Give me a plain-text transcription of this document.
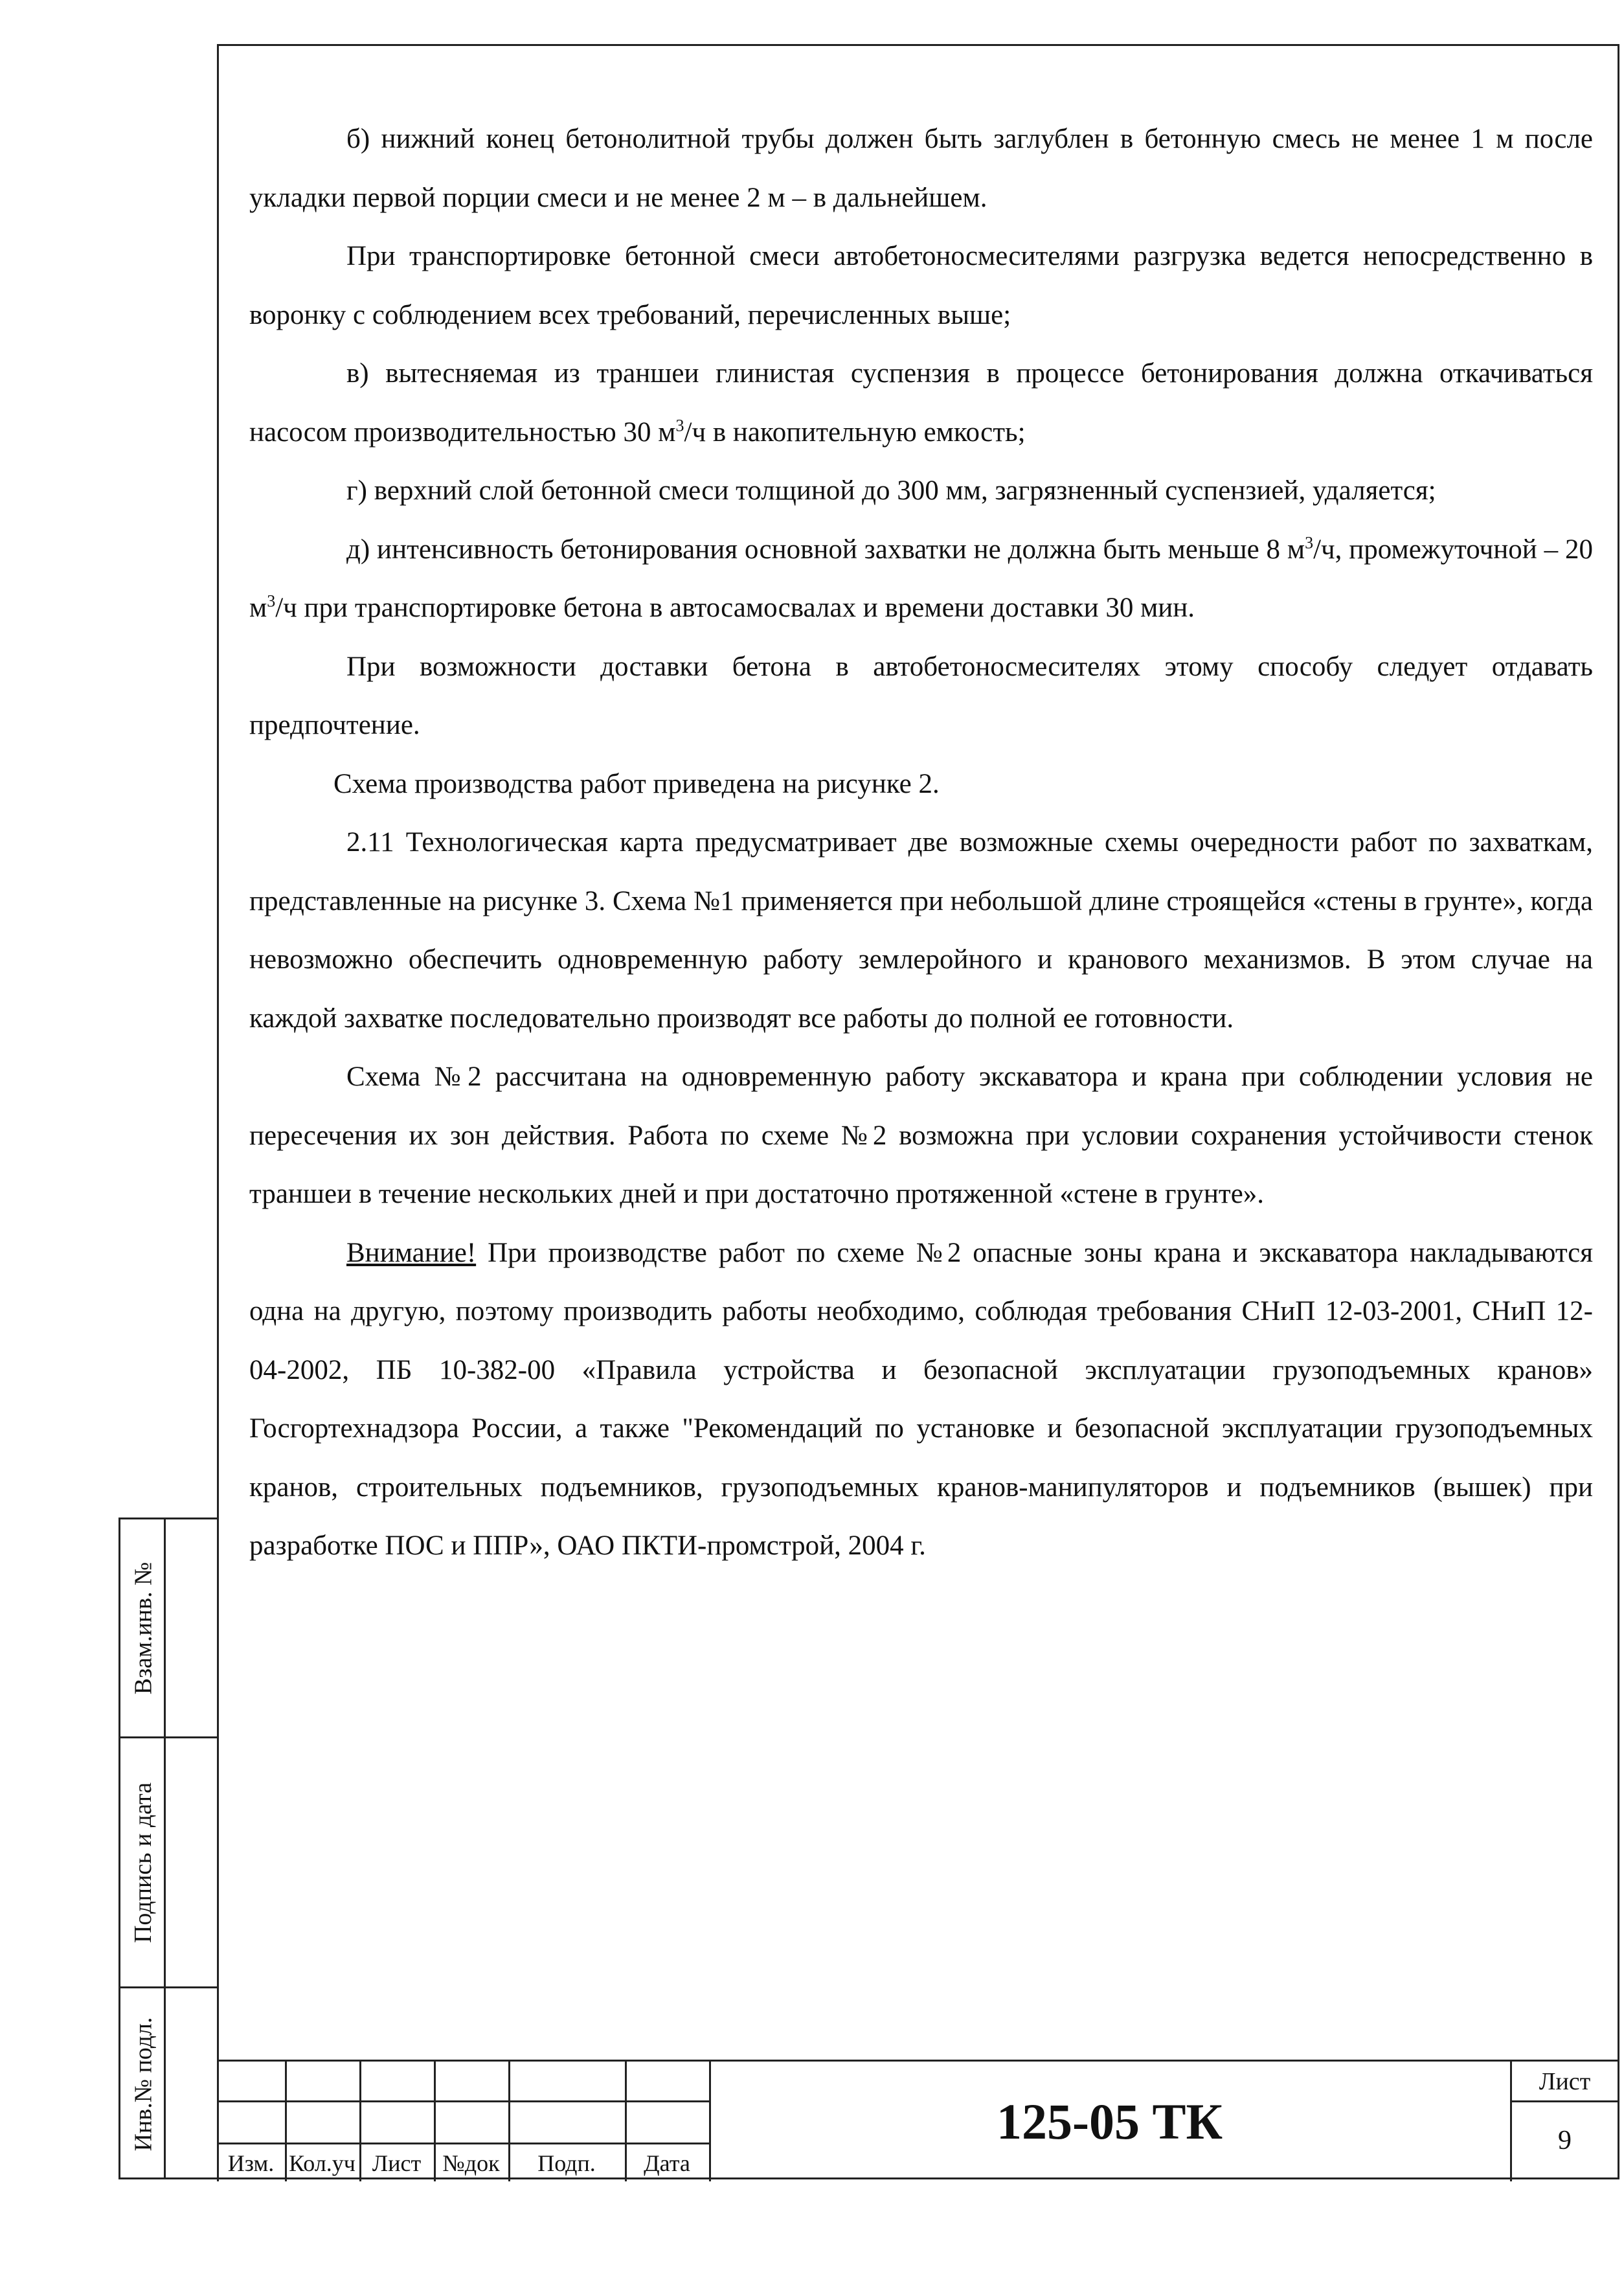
б) нижний конец бетонолитной трубы должен быть заглублен в бетонную смесь не менее 1 м после укладки первой порции смеси и не менее 2 м – в дальнейшем.

При транспортировке бетонной смеси автобетоносмесителями разгрузка ведется непосредственно в воронку с соблюдением всех требований, перечисленных выше;

в) вытесняемая из траншеи глинистая суспензия в процессе бетонирования должна откачиваться насосом производительностью 30 $м^3/ч$ в накопительную емкость;

г) верхний слой бетонной смеси толщиной до 300 мм, загрязненный суспензией, удаляется;

д) интенсивность бетонирования основной захватки не должна быть меньше 8 $м^3/ч$, промежуточной – 20 $м^3/ч$ при транспортировке бетона в автосамосвалах и времени доставки 30 мин.

При возможности доставки бетона в автобетоносмесителях этому способу следует отдавать предпочтение.

Схема производства работ приведена на рисунке 2.

2.11 Технологическая карта предусматривает две возможные схемы очередности работ по захваткам, представленные на рисунке 3. Схема №1 применяется при небольшой длине строящейся «стены в грунте», когда невозможно обеспечить одновременную работу землеройного и кранового механизмов. В этом случае на каждой захватке последовательно производят все работы до полной ее готовности.

Схема №2 рассчитана на одновременную работу экскаватора и крана при соблюдении условия не пересечения их зон действия. Работа по схеме №2 возможна при условии сохранения устойчивости стенок траншеи в течение нескольких дней и при достаточно протяженной «стене в грунте».

Внимание! При производстве работ по схеме №2 опасные зоны крана и экскаватора накладываются одна на другую, поэтому производить работы необходимо, соблюдая требования СНиП 12-03-2001, СНиП 12-04-2002, ПБ 10-382-00 «Правила устройства и безопасной эксплуатации грузоподъемных кранов» Госгортехнадзора России, а также "Рекомендаций по установке и безопасной эксплуатации грузоподъемных кранов, строительных подъемников, грузоподъемных кранов-манипуляторов и подъемников (вышек) при разработке ПОС и ППР», ОАО ПКТИ-промстрой, 2004 г.

Взам.инв. №
Подпись и дата
Инв.№ подл.
Изм. Кол.уч Лист №док	Подп.	Дата
125-05 ТК
Лист
9
